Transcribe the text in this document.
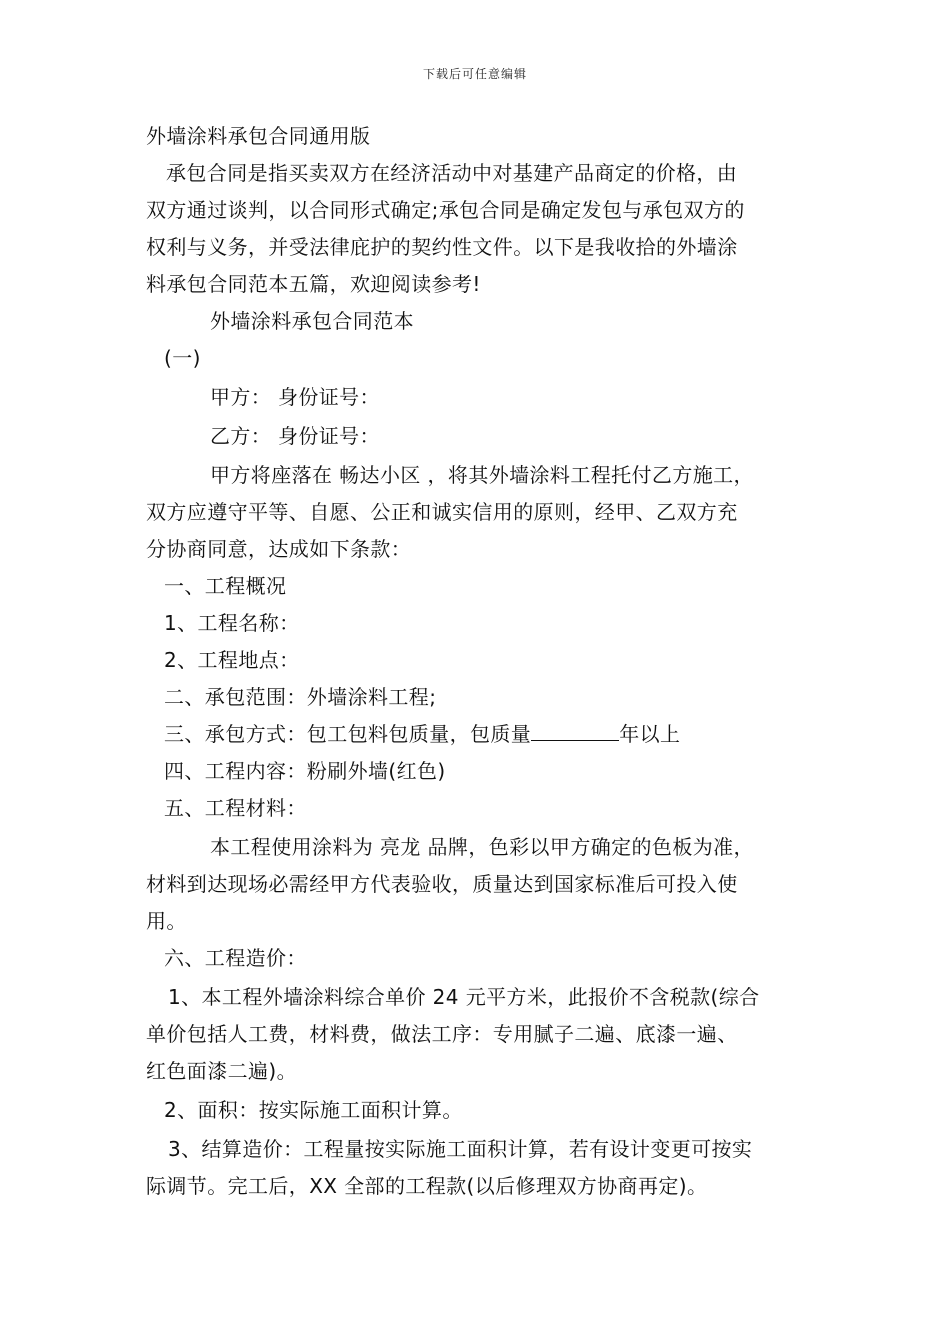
下载后可任意编辑
外墙涂料承包合同通用版
承包合同是指买卖双方在经济活动中对基建产品商定的价格，由
双方通过谈判，以合同形式确定;承包合同是确定发包与承包双方的
权利与义务，并受法律庇护的契约性文件。以下是我收拾的外墙涂
料承包合同范本五篇，欢迎阅读参考!
外墙涂料承包合同范本
(一)
甲方： 身份证号：
乙方： 身份证号：
甲方将座落在 畅达小区 ，将其外墙涂料工程托付乙方施工，
双方应遵守平等、自愿、公正和诚实信用的原则，经甲、乙双方充
分协商同意，达成如下条款：
一、工程概况
1、工程名称：
2、工程地点：
二、承包范围：外墙涂料工程;
三、承包方式：包工包料包质量，包质量	年以上
四、工程内容：粉刷外墙(红色)
五、工程材料：
本工程使用涂料为 亮龙 品牌，色彩以甲方确定的色板为准，
材料到达现场必需经甲方代表验收，质量达到国家标准后可投入使
用。
六、工程造价：
1、本工程外墙涂料综合单价 24 元平方米，此报价不含税款(综合
单价包括人工费，材料费，做法工序：专用腻子二遍、底漆一遍、
红色面漆二遍)。
2、面积：按实际施工面积计算。
3、结算造价：工程量按实际施工面积计算，若有设计变更可按实
际调节。完工后，XX 全部的工程款(以后修理双方协商再定)。
